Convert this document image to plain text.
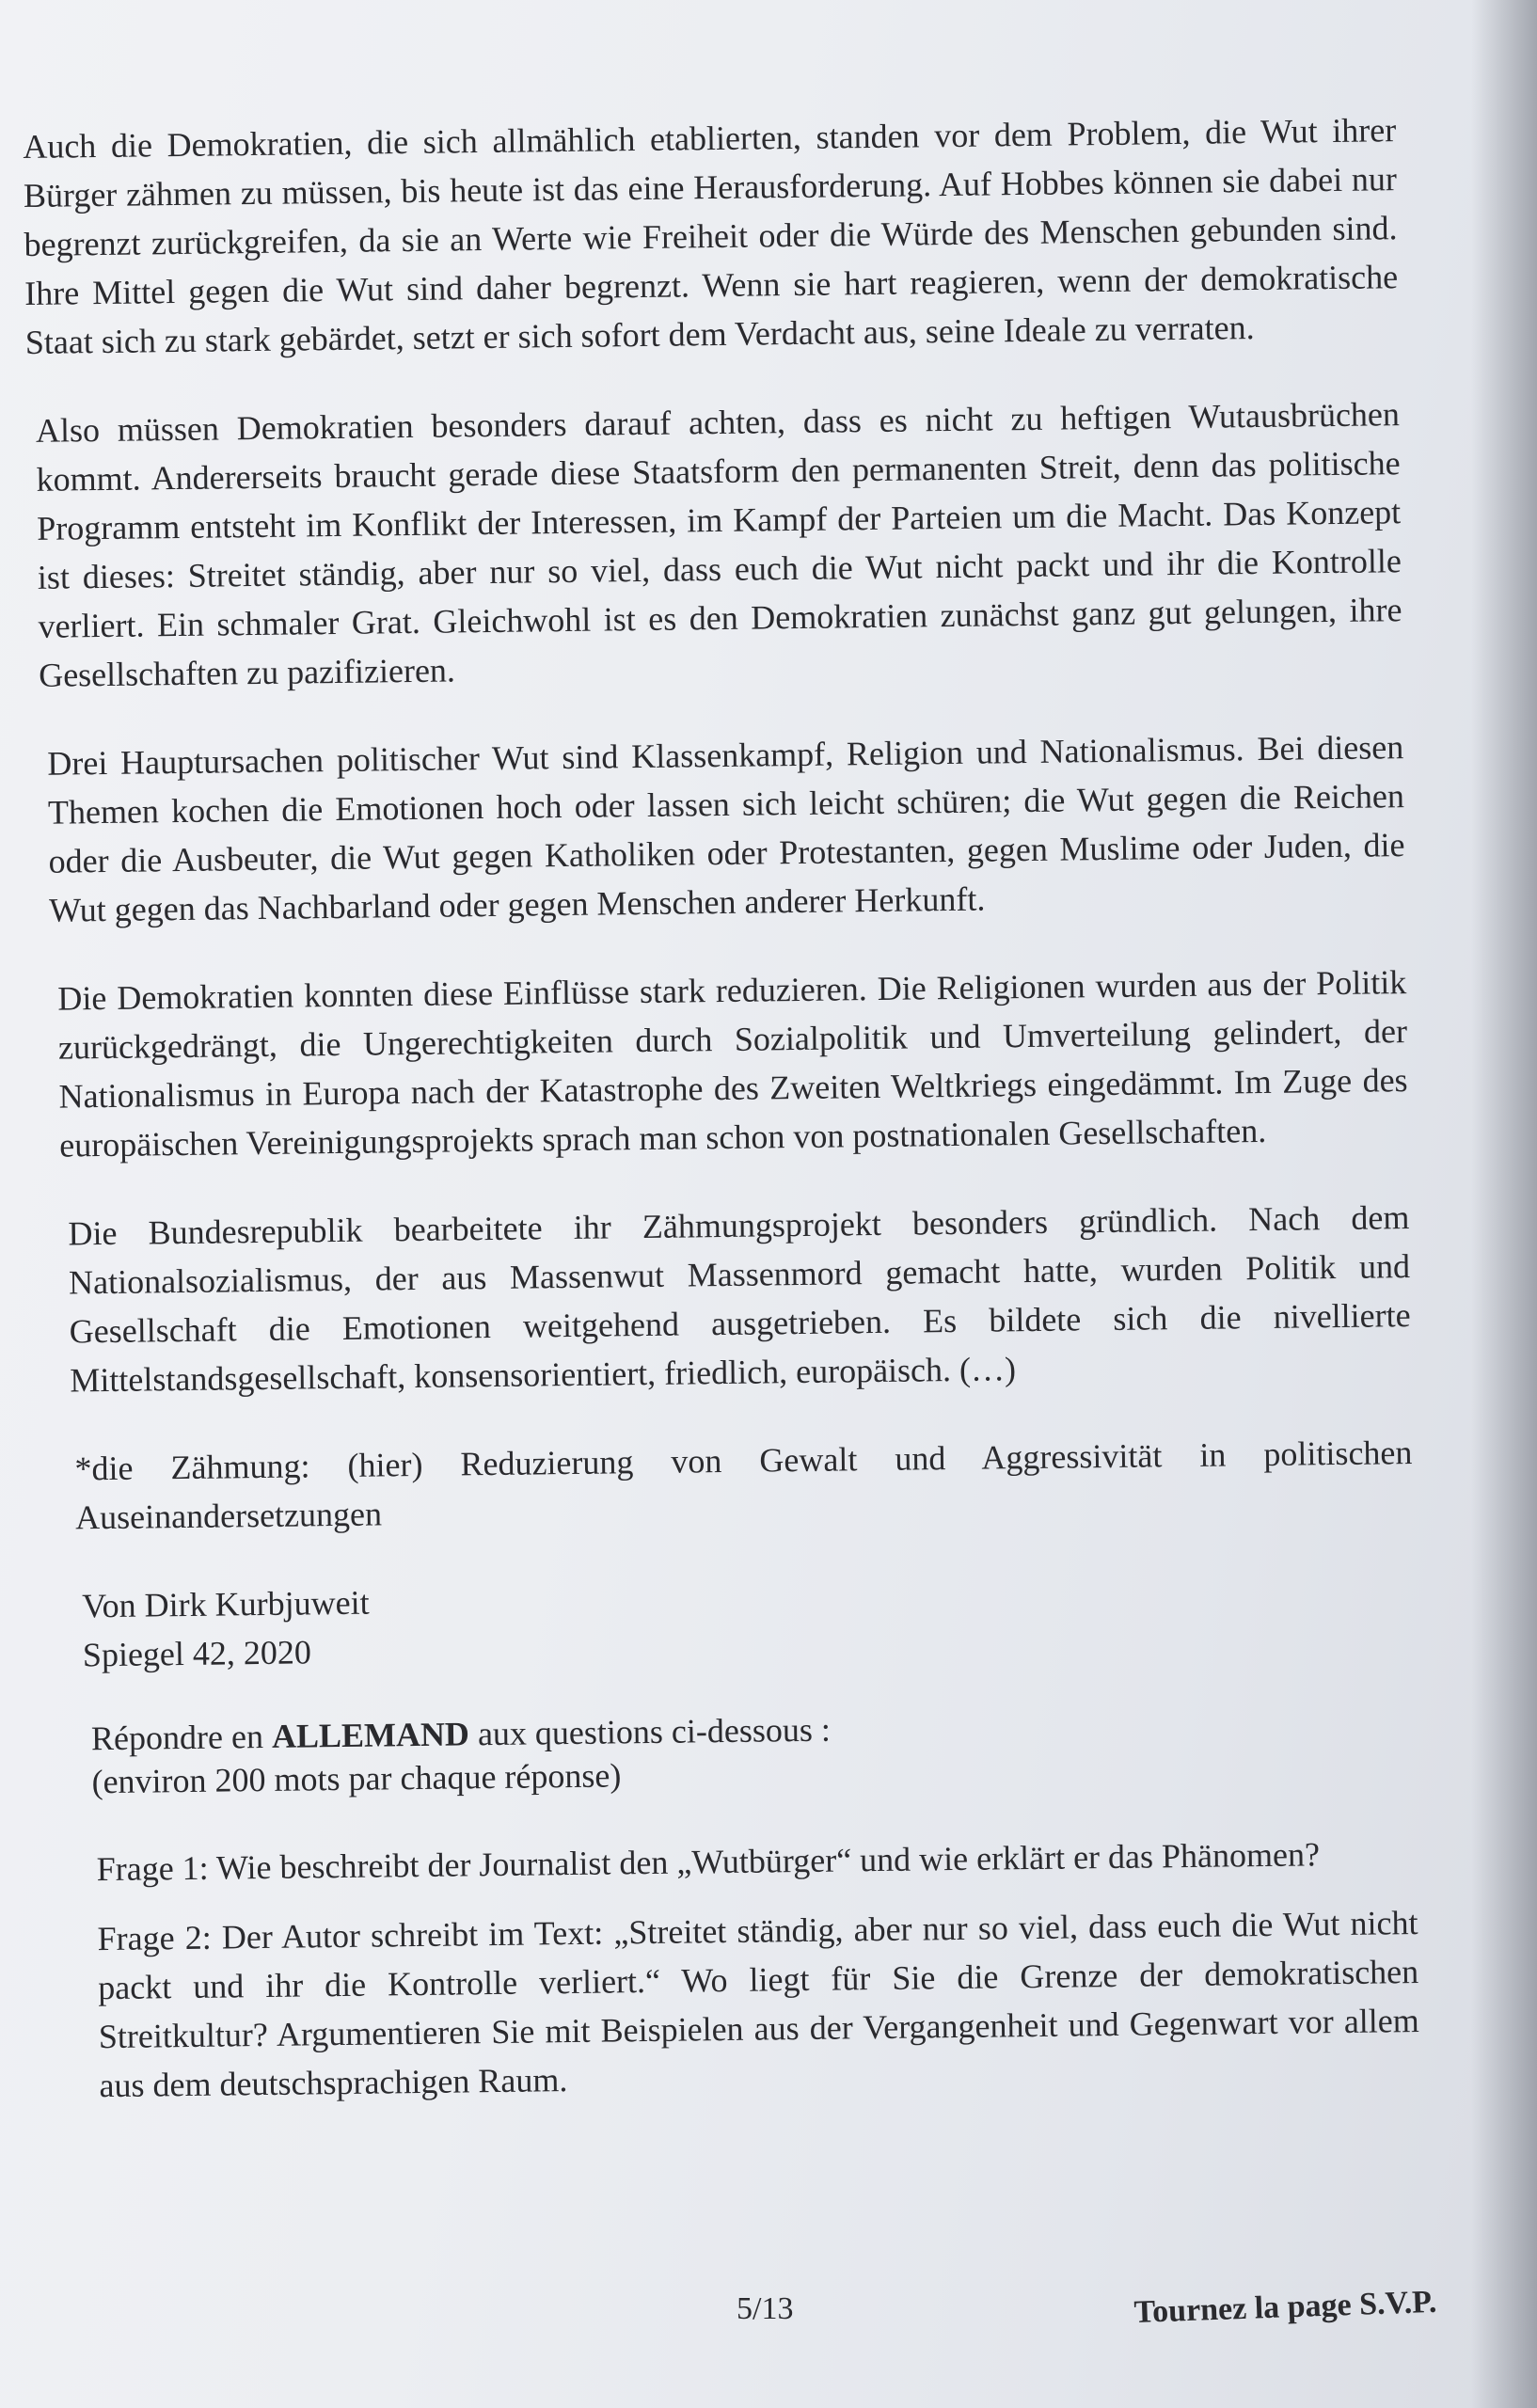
Auch die Demokratien, die sich allmählich etablierten, standen vor dem Problem, die Wut ihrer Bürger zähmen zu müssen, bis heute ist das eine Herausforderung. Auf Hobbes können sie dabei nur begrenzt zurückgreifen, da sie an Werte wie Freiheit oder die Würde des Menschen gebunden sind. Ihre Mittel gegen die Wut sind daher begrenzt. Wenn sie hart reagieren, wenn der demokratische Staat sich zu stark gebärdet, setzt er sich sofort dem Verdacht aus, seine Ideale zu verraten.

Also müssen Demokratien besonders darauf achten, dass es nicht zu heftigen Wutausbrüchen kommt. Andererseits braucht gerade diese Staatsform den permanenten Streit, denn das politische Programm entsteht im Konflikt der Interessen, im Kampf der Parteien um die Macht. Das Konzept ist dieses: Streitet ständig, aber nur so viel, dass euch die Wut nicht packt und ihr die Kontrolle verliert. Ein schmaler Grat. Gleichwohl ist es den Demokratien zunächst ganz gut gelungen, ihre Gesellschaften zu pazifizieren.

Drei Hauptursachen politischer Wut sind Klassenkampf, Religion und Nationalismus. Bei diesen Themen kochen die Emotionen hoch oder lassen sich leicht schüren; die Wut gegen die Reichen oder die Ausbeuter, die Wut gegen Katholiken oder Protestanten, gegen Muslime oder Juden, die Wut gegen das Nachbarland oder gegen Menschen anderer Herkunft.

Die Demokratien konnten diese Einflüsse stark reduzieren. Die Religionen wurden aus der Politik zurückgedrängt, die Ungerechtigkeiten durch Sozialpolitik und Umverteilung gelindert, der Nationalismus in Europa nach der Katastrophe des Zweiten Weltkriegs eingedämmt. Im Zuge des europäischen Vereinigungsprojekts sprach man schon von postnationalen Gesellschaften.

Die Bundesrepublik bearbeitete ihr Zähmungsprojekt besonders gründlich. Nach dem Nationalsozialismus, der aus Massenwut Massenmord gemacht hatte, wurden Politik und Gesellschaft die Emotionen weitgehend ausgetrieben. Es bildete sich die nivellierte Mittelstandsgesellschaft, konsensorientiert, friedlich, europäisch. (…)

*die Zähmung: (hier) Reduzierung von Gewalt und Aggressivität in politischen Auseinandersetzungen

Von Dirk Kurbjuweit
Spiegel 42, 2020
Répondre en ALLEMAND aux questions ci-dessous :
(environ 200 mots par chaque réponse)

Frage 1: Wie beschreibt der Journalist den „Wutbürger“ und wie erklärt er das Phänomen?

Frage 2: Der Autor schreibt im Text: „Streitet ständig, aber nur so viel, dass euch die Wut nicht packt und ihr die Kontrolle verliert.“ Wo liegt für Sie die Grenze der demokratischen Streitkultur? Argumentieren Sie mit Beispielen aus der Vergangenheit und Gegenwart vor allem aus dem deutschsprachigen Raum.

5/13	Tournez la page S.V.P.
